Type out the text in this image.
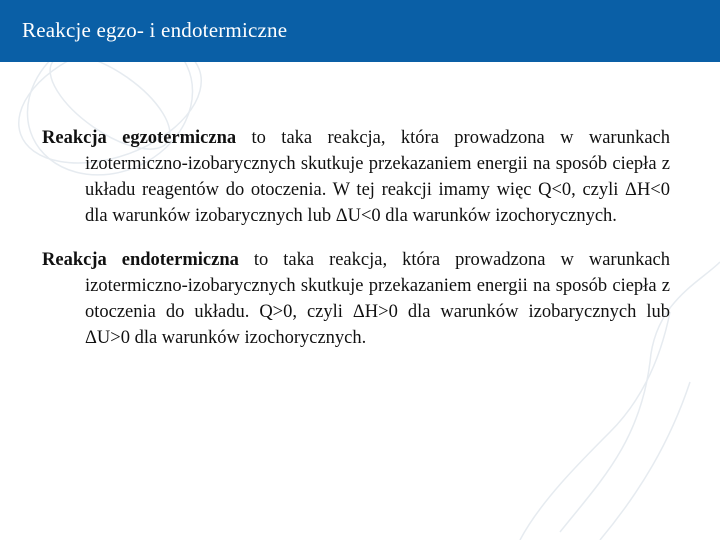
Reakcje egzo- i endotermiczne

Reakcja egzotermiczna to taka reakcja, która prowadzona w warunkach izotermiczno-izobarycznych skutkuje przekazaniem energii na sposób ciepła z układu reagentów do otoczenia. W tej reakcji imamy więc Q<0, czyli ΔH<0 dla warunków izobarycznych lub ΔU<0 dla warunków izochorycznych.

Reakcja endotermiczna to taka reakcja, która prowadzona w warunkach izotermiczno-izobarycznych skutkuje przekazaniem energii na sposób ciepła z otoczenia do układu. Q>0, czyli ΔH>0 dla warunków izobarycznych lub ΔU>0 dla warunków izochorycznych.
